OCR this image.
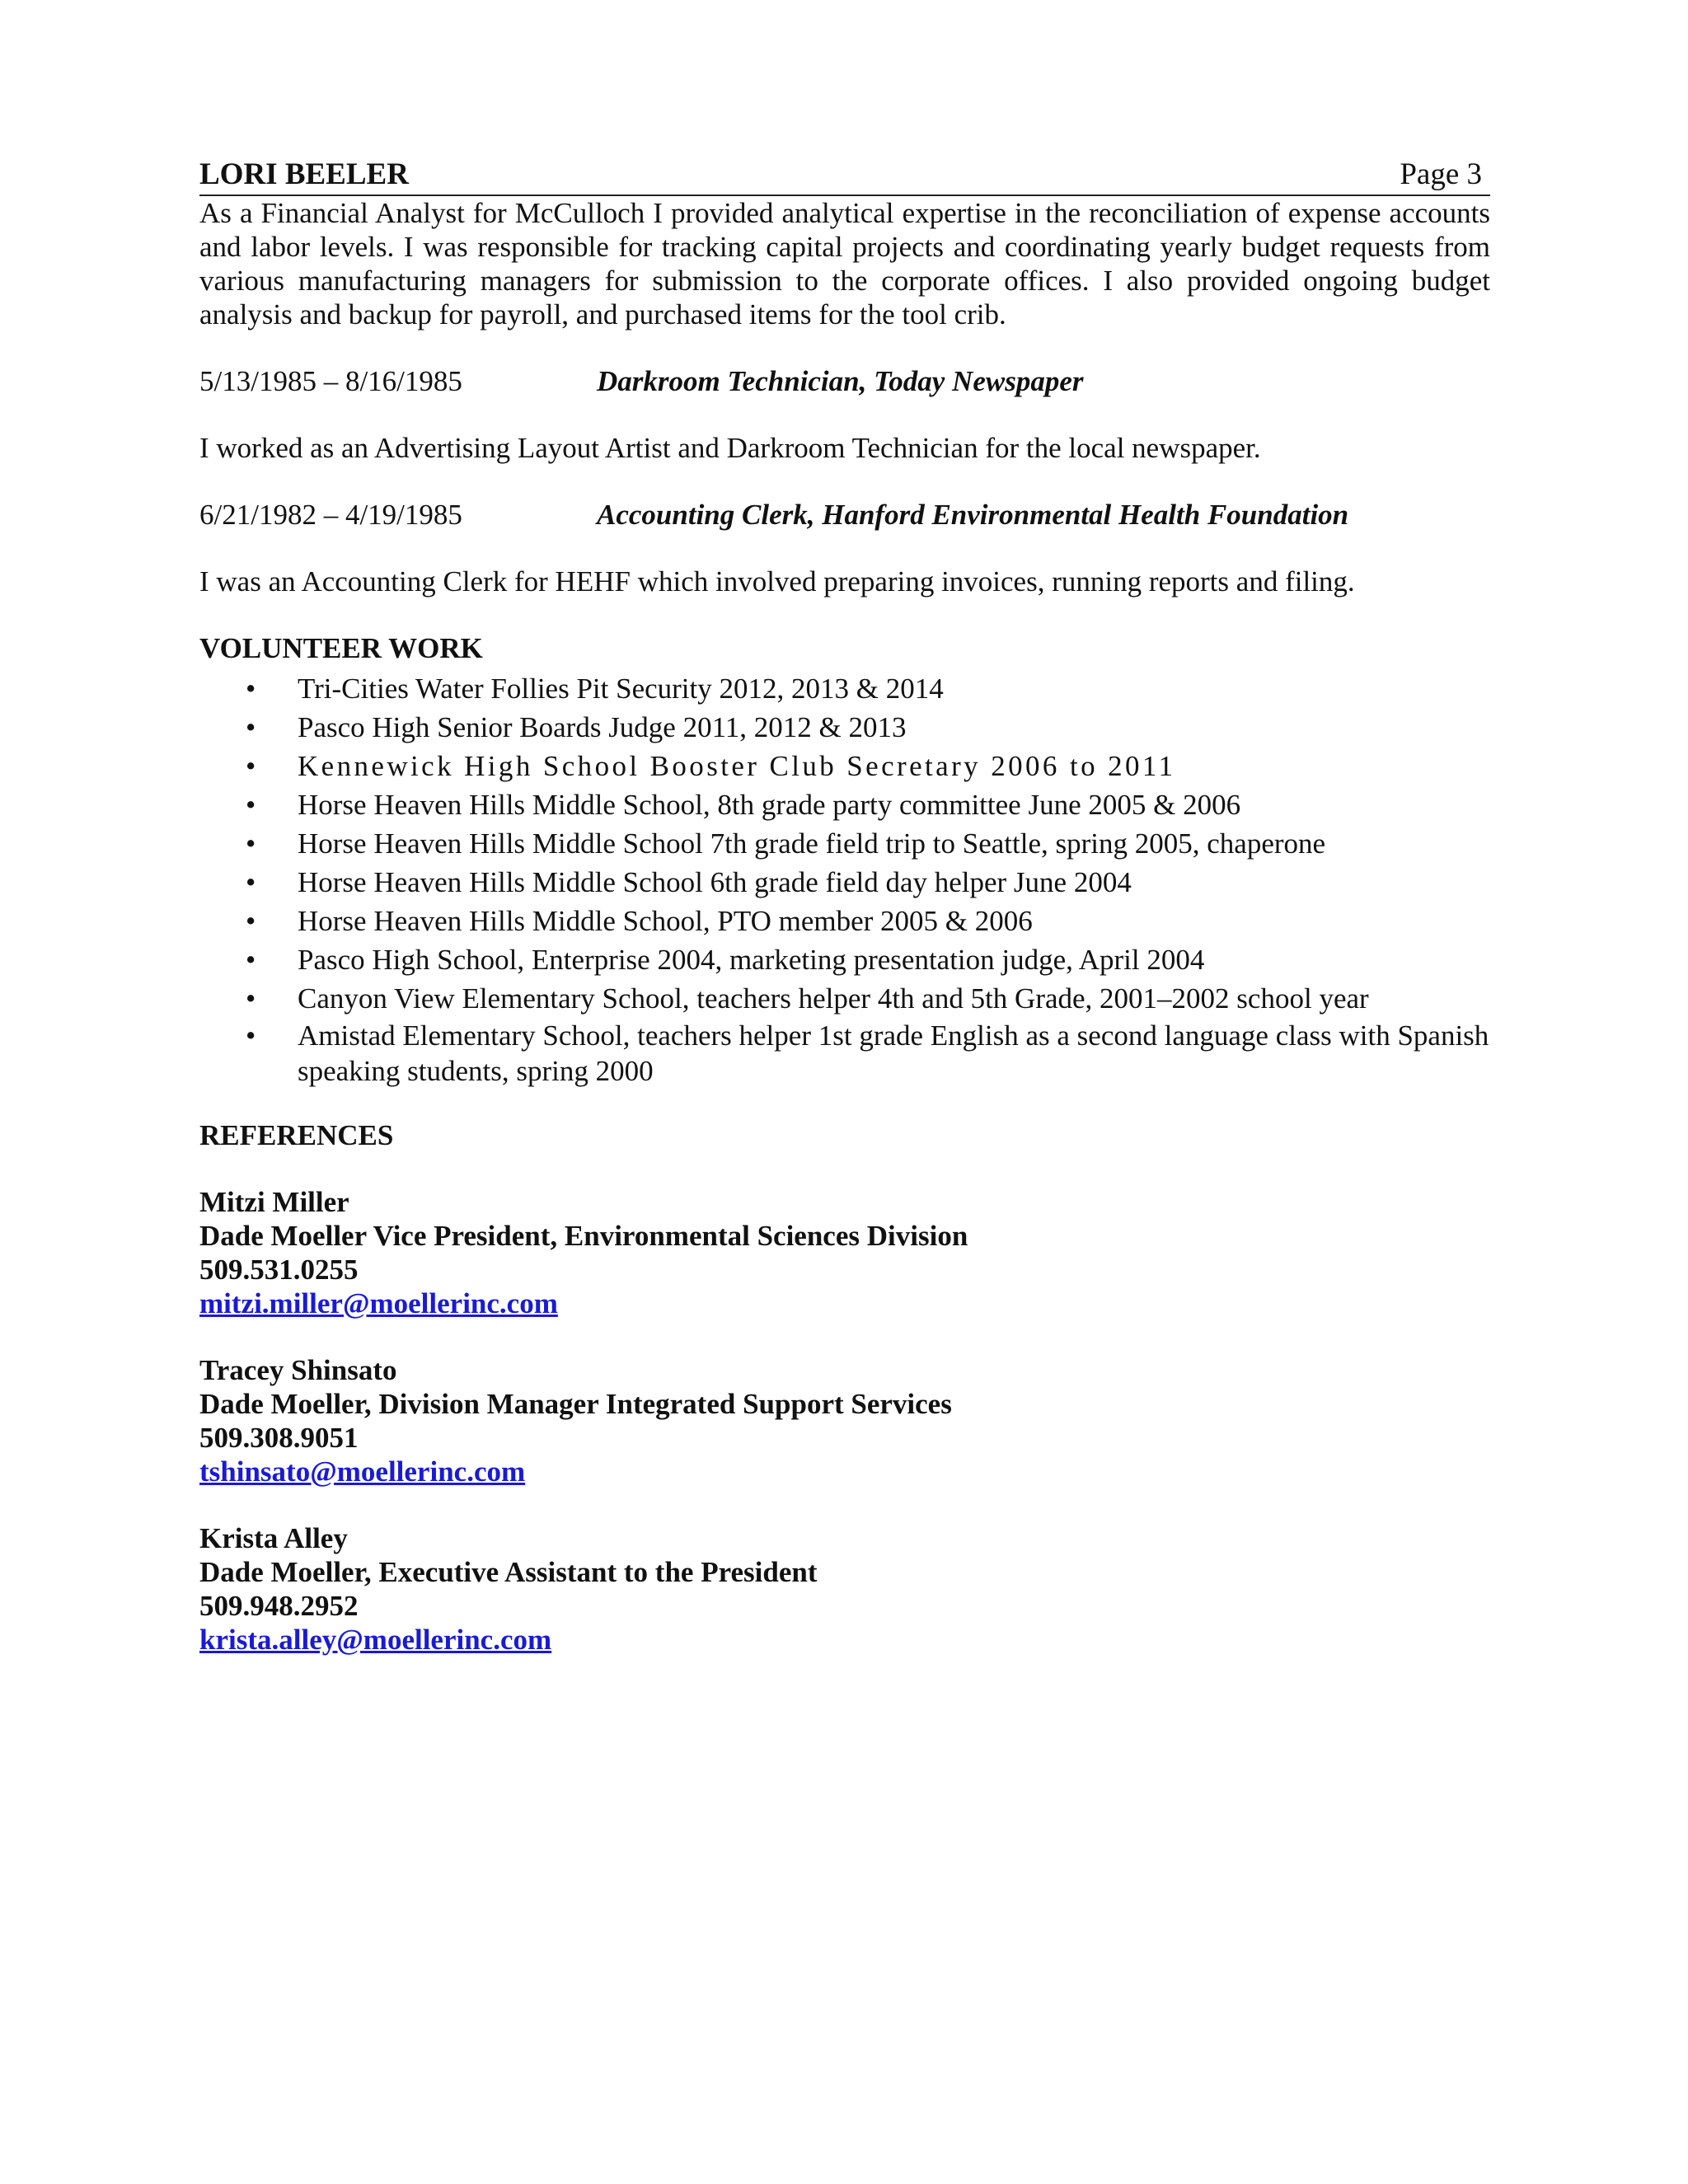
LORI BEELER	Page 3

As a Financial Analyst for McCulloch I provided analytical expertise in the reconciliation of expense accounts and labor levels. I was responsible for tracking capital projects and coordinating yearly budget requests from various manufacturing managers for submission to the corporate offices. I also provided ongoing budget analysis and backup for payroll, and purchased items for the tool crib.

5/13/1985 – 8/16/1985	Darkroom Technician, Today Newspaper

I worked as an Advertising Layout Artist and Darkroom Technician for the local newspaper.

6/21/1982 – 4/19/1985	Accounting Clerk, Hanford Environmental Health Foundation

I was an Accounting Clerk for HEHF which involved preparing invoices, running reports and filing.

VOLUNTEER WORK
• Tri-Cities Water Follies Pit Security 2012, 2013 & 2014
• Pasco High Senior Boards Judge 2011, 2012 & 2013
• Kennewick High School Booster Club Secretary 2006 to 2011
• Horse Heaven Hills Middle School, 8th grade party committee June 2005 & 2006
• Horse Heaven Hills Middle School 7th grade field trip to Seattle, spring 2005, chaperone
• Horse Heaven Hills Middle School 6th grade field day helper June 2004
• Horse Heaven Hills Middle School, PTO member 2005 & 2006
• Pasco High School, Enterprise 2004, marketing presentation judge, April 2004
• Canyon View Elementary School, teachers helper 4th and 5th Grade, 2001–2002 school year
• Amistad Elementary School, teachers helper 1st grade English as a second language class with Spanish speaking students, spring 2000
REFERENCES
Mitzi Miller
Dade Moeller Vice President, Environmental Sciences Division
509.531.0255
mitzi.miller@moellerinc.com
Tracey Shinsato
Dade Moeller, Division Manager Integrated Support Services
509.308.9051
tshinsato@moellerinc.com
Krista Alley
Dade Moeller, Executive Assistant to the President
509.948.2952
krista.alley@moellerinc.com
